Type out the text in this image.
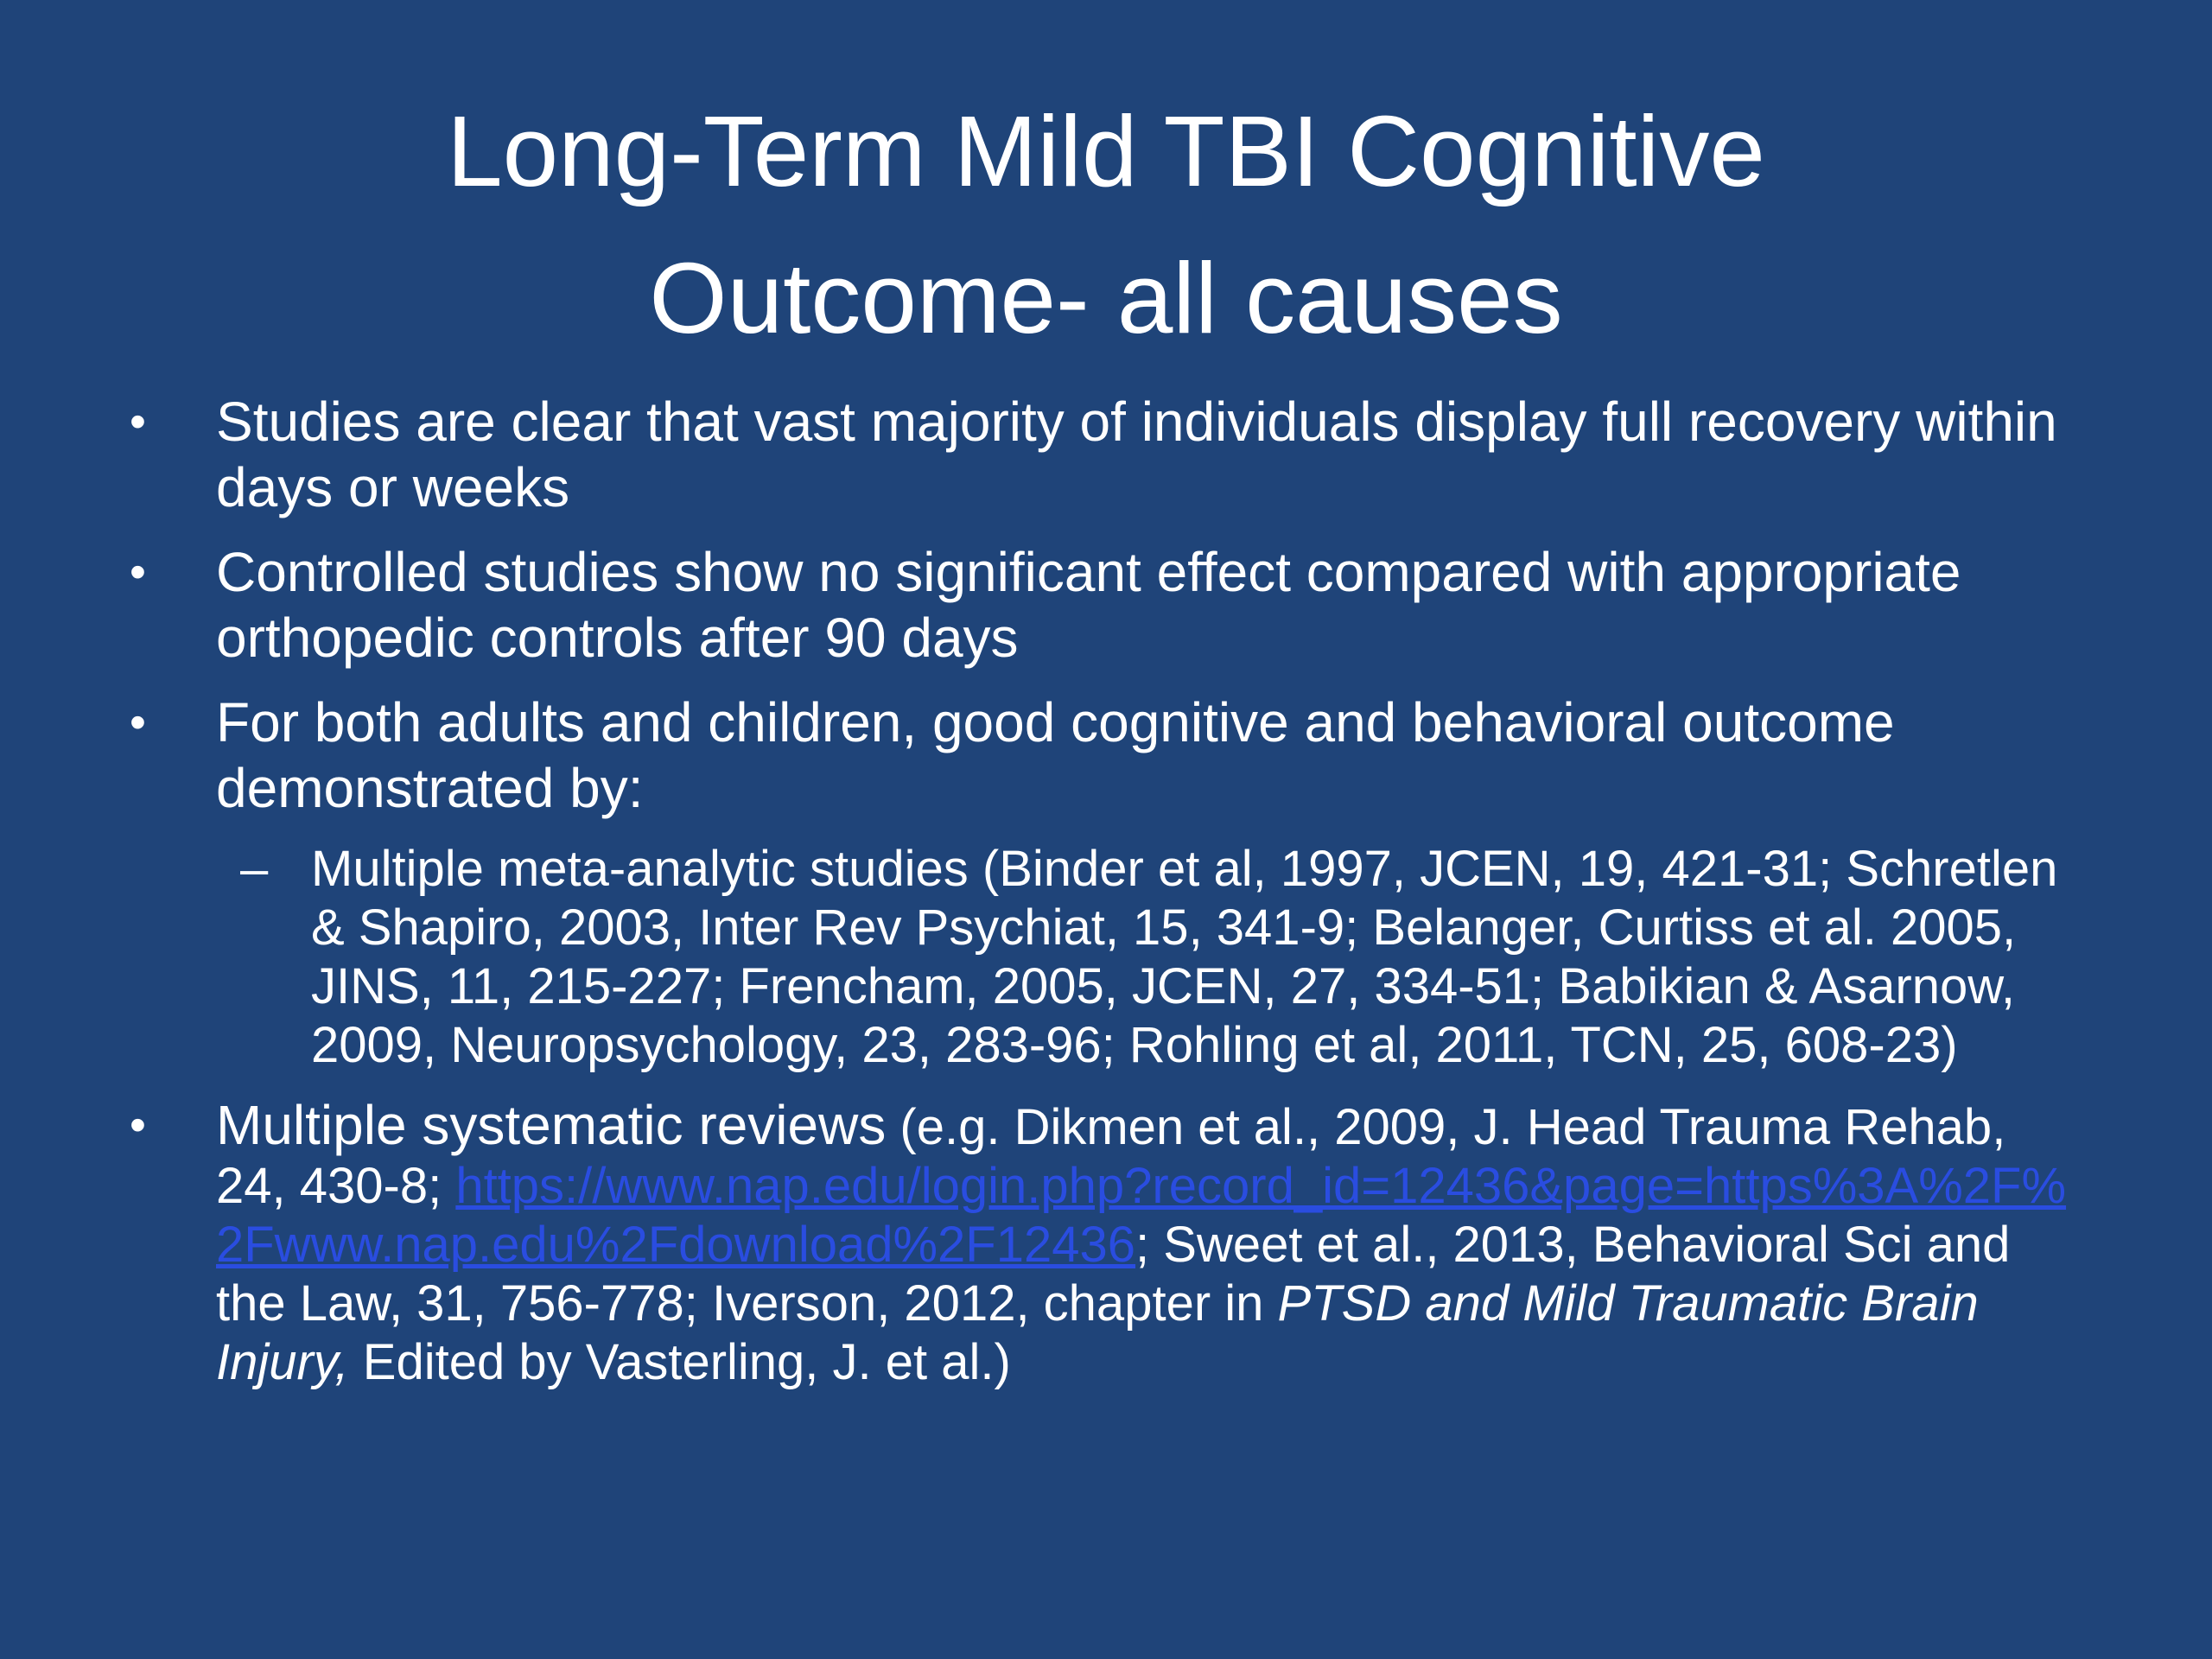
Long-Term Mild TBI Cognitive
Outcome- all causes
•	Studies are clear that vast majority of individuals display full recovery within days or weeks
•	Controlled studies show no significant effect compared with appropriate orthopedic controls after 90 days
•	For both adults and children, good cognitive and behavioral outcome demonstrated by:
– Multiple meta-analytic studies (Binder et al, 1997, JCEN, 19, 421-31; Schretlen & Shapiro, 2003, Inter Rev Psychiat, 15, 341-9; Belanger, Curtiss et al. 2005, JINS, 11, 215-227; Frencham, 2005, JCEN, 27, 334-51; Babikian & Asarnow, 2009, Neuropsychology, 23, 283-96; Rohling et al, 2011, TCN, 25, 608-23)
•	Multiple systematic reviews (e.g. Dikmen et al., 2009, J. Head Trauma Rehab, 24, 430-8; https://www.nap.edu/login.php?record_id=12436&page=https%3A%2F%2Fwww.nap.edu%2Fdownload%2F12436; Sweet et al., 2013, Behavioral Sci and the Law, 31, 756-778; Iverson, 2012, chapter in PTSD and Mild Traumatic Brain Injury, Edited by Vasterling, J. et al.)
